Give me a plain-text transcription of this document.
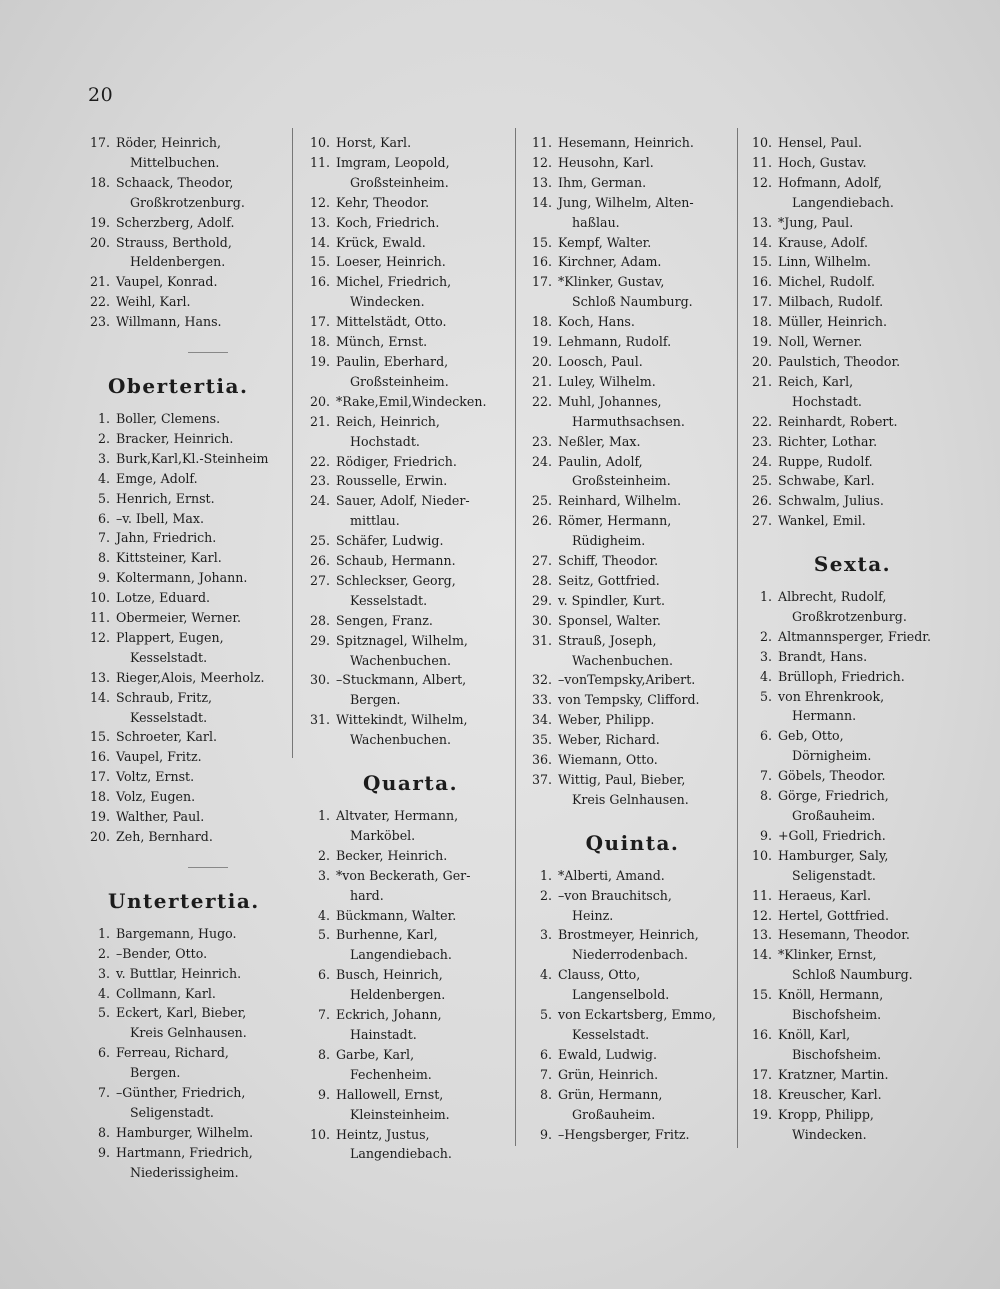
20
17. Röder, Heinrich,
Mittelbuchen.
18. Schaack, Theodor,
Großkrotzenburg.
19. Scherzberg, Adolf.
20. Strauss, Berthold,
Heldenbergen.
21. Vaupel, Konrad.
22. Weihl, Karl.
23. Willmann, Hans.
Obertertia.
1. Boller, Clemens.
2. Bracker, Heinrich.
3. Burk,Karl,Kl.-Steinheim
4. Emge, Adolf.
5. Henrich, Ernst.
6. –v. Ibell, Max.
7. Jahn, Friedrich.
8. Kittsteiner, Karl.
9. Koltermann, Johann.
10. Lotze, Eduard.
11. Obermeier, Werner.
12. Plappert, Eugen,
Kesselstadt.
13. Rieger,Alois, Meerholz.
14. Schraub, Fritz,
Kesselstadt.
15. Schroeter, Karl.
16. Vaupel, Fritz.
17. Voltz, Ernst.
18. Volz, Eugen.
19. Walther, Paul.
20. Zeh, Bernhard.
Untertertia.
1. Bargemann, Hugo.
2. –Bender, Otto.
3. v. Buttlar, Heinrich.
4. Collmann, Karl.
5. Eckert, Karl, Bieber,
Kreis Gelnhausen.
6. Ferreau, Richard,
Bergen.
7. –Günther, Friedrich,
Seligenstadt.
8. Hamburger, Wilhelm.
9. Hartmann, Friedrich,
Niederissigheim.
10. Horst, Karl.
11. Imgram, Leopold,
Großsteinheim.
12. Kehr, Theodor.
13. Koch, Friedrich.
14. Krück, Ewald.
15. Loeser, Heinrich.
16. Michel, Friedrich,
Windecken.
17. Mittelstädt, Otto.
18. Münch, Ernst.
19. Paulin, Eberhard,
Großsteinheim.
20. *Rake,Emil,Windecken.
21. Reich, Heinrich,
Hochstadt.
22. Rödiger, Friedrich.
23. Rousselle, Erwin.
24. Sauer, Adolf, Nieder-
mittlau.
25. Schäfer, Ludwig.
26. Schaub, Hermann.
27. Schleckser, Georg,
Kesselstadt.
28. Sengen, Franz.
29. Spitznagel, Wilhelm,
Wachenbuchen.
30. –Stuckmann, Albert,
Bergen.
31. Wittekindt, Wilhelm,
Wachenbuchen.
Quarta.
1. Altvater, Hermann,
Marköbel.
2. Becker, Heinrich.
3. *von Beckerath, Ger-
hard.
4. Bückmann, Walter.
5. Burhenne, Karl,
Langendiebach.
6. Busch, Heinrich,
Heldenbergen.
7. Eckrich, Johann,
Hainstadt.
8. Garbe, Karl,
Fechenheim.
9. Hallowell, Ernst,
Kleinsteinheim.
10. Heintz, Justus,
Langendiebach.
11. Hesemann, Heinrich.
12. Heusohn, Karl.
13. Ihm, German.
14. Jung, Wilhelm, Alten-
haßlau.
15. Kempf, Walter.
16. Kirchner, Adam.
17. *Klinker, Gustav,
Schloß Naumburg.
18. Koch, Hans.
19. Lehmann, Rudolf.
20. Loosch, Paul.
21. Luley, Wilhelm.
22. Muhl, Johannes,
Harmuthsachsen.
23. Neßler, Max.
24. Paulin, Adolf,
Großsteinheim.
25. Reinhard, Wilhelm.
26. Römer, Hermann,
Rüdigheim.
27. Schiff, Theodor.
28. Seitz, Gottfried.
29. v. Spindler, Kurt.
30. Sponsel, Walter.
31. Strauß, Joseph,
Wachenbuchen.
32. –vonTempsky,Aribert.
33. von Tempsky, Clifford.
34. Weber, Philipp.
35. Weber, Richard.
36. Wiemann, Otto.
37. Wittig, Paul, Bieber,
Kreis Gelnhausen.
Quinta.
1. *Alberti, Amand.
2. –von Brauchitsch,
Heinz.
3. Brostmeyer, Heinrich,
Niederrodenbach.
4. Clauss, Otto,
Langenselbold.
5. von Eckartsberg, Emmo,
Kesselstadt.
6. Ewald, Ludwig.
7. Grün, Heinrich.
8. Grün, Hermann,
Großauheim.
9. –Hengsberger, Fritz.
10. Hensel, Paul.
11. Hoch, Gustav.
12. Hofmann, Adolf,
Langendiebach.
13. *Jung, Paul.
14. Krause, Adolf.
15. Linn, Wilhelm.
16. Michel, Rudolf.
17. Milbach, Rudolf.
18. Müller, Heinrich.
19. Noll, Werner.
20. Paulstich, Theodor.
21. Reich, Karl,
Hochstadt.
22. Reinhardt, Robert.
23. Richter, Lothar.
24. Ruppe, Rudolf.
25. Schwabe, Karl.
26. Schwalm, Julius.
27. Wankel, Emil.
Sexta.
1. Albrecht, Rudolf,
Großkrotzenburg.
2. Altmannsperger, Friedr.
3. Brandt, Hans.
4. Brülloph, Friedrich.
5. von Ehrenkrook,
Hermann.
6. Geb, Otto,
Dörnigheim.
7. Göbels, Theodor.
8. Görge, Friedrich,
Großauheim.
9. +Goll, Friedrich.
10. Hamburger, Saly,
Seligenstadt.
11. Heraeus, Karl.
12. Hertel, Gottfried.
13. Hesemann, Theodor.
14. *Klinker, Ernst,
Schloß Naumburg.
15. Knöll, Hermann,
Bischofsheim.
16. Knöll, Karl,
Bischofsheim.
17. Kratzner, Martin.
18. Kreuscher, Karl.
19. Kropp, Philipp,
Windecken.
